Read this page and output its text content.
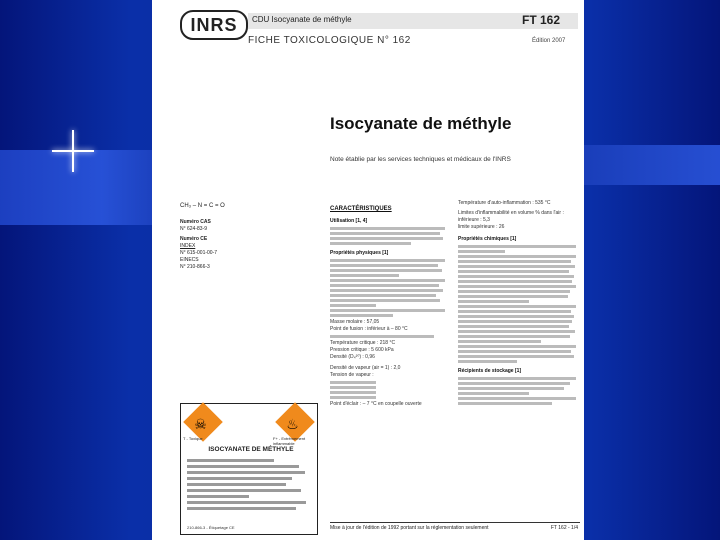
INRS	CDU Isocyanate de méthyle	FT 162
FICHE TOXICOLOGIQUE N° 162	Édition 2007
Isocyanate de méthyle
Note établie par les services techniques et médicaux de l'INRS
CH₃ – N = C = O
Numéro CAS
N° 624-83-9
Numéro CE
INDEX
N° 615-001-00-7
EINECS
N° 210-866-3
CARACTÉRISTIQUES
Utilisation [1, 4]
Propriétés physiques [1]
Masse molaire : 57,05
Point de fusion : inférieur à – 80 °C
Température critique : 218 °C
Pression critique : 5 600 kPa
Densité (D₄²⁰) : 0,96
Densité de vapeur (air = 1) : 2,0
Tension de vapeur :
Point d'éclair : – 7 °C en coupelle ouverte
Température d'auto-inflammation : 535 °C
Limites d'inflammabilité en volume % dans l'air :
inférieure : 5,3
limite supérieure : 26
Propriétés chimiques [1]
Récipients de stockage [1]
☠
T - Toxique
♨
F+ - Extrêmement inflammable
ISOCYANATE DE MÉTHYLE
210-866-3 - Étiquetage CE	Mise à jour de l'édition de 1992 portant sur la réglementation seulement	FT 162 - 1/4
